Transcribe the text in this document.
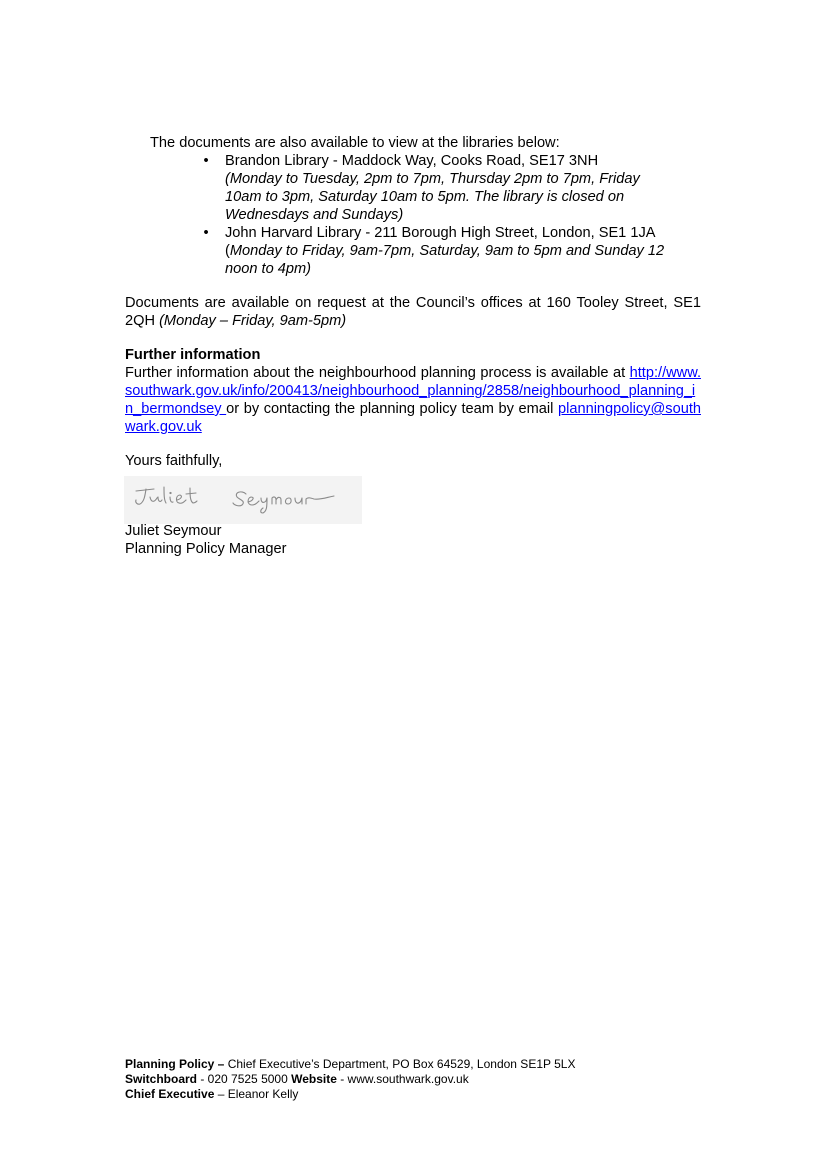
The documents are also available to view at the libraries below:
• Brandon Library - Maddock Way, Cooks Road, SE17 3NH
(Monday to Tuesday, 2pm to 7pm, Thursday 2pm to 7pm, Friday 10am to 3pm, Saturday 10am to 5pm. The library is closed on Wednesdays and Sundays)
• John Harvard Library - 211 Borough High Street, London, SE1 1JA
(Monday to Friday, 9am-7pm, Saturday, 9am to 5pm and Sunday 12 noon to 4pm)
Documents are available on request at the Council’s offices at 160 Tooley Street, SE1 2QH (Monday – Friday, 9am-5pm)
Further information
Further information about the neighbourhood planning process is available at http://www.southwark.gov.uk/info/200413/neighbourhood_planning/2858/neighbourhood_planning_in_bermondsey or by contacting the planning policy team by email planningpolicy@southwark.gov.uk
Yours faithfully,
Juliet Seymour
Planning Policy Manager
Planning Policy – Chief Executive’s Department, PO Box 64529, London SE1P 5LX
Switchboard - 020 7525 5000 Website - www.southwark.gov.uk
Chief Executive – Eleanor Kelly
